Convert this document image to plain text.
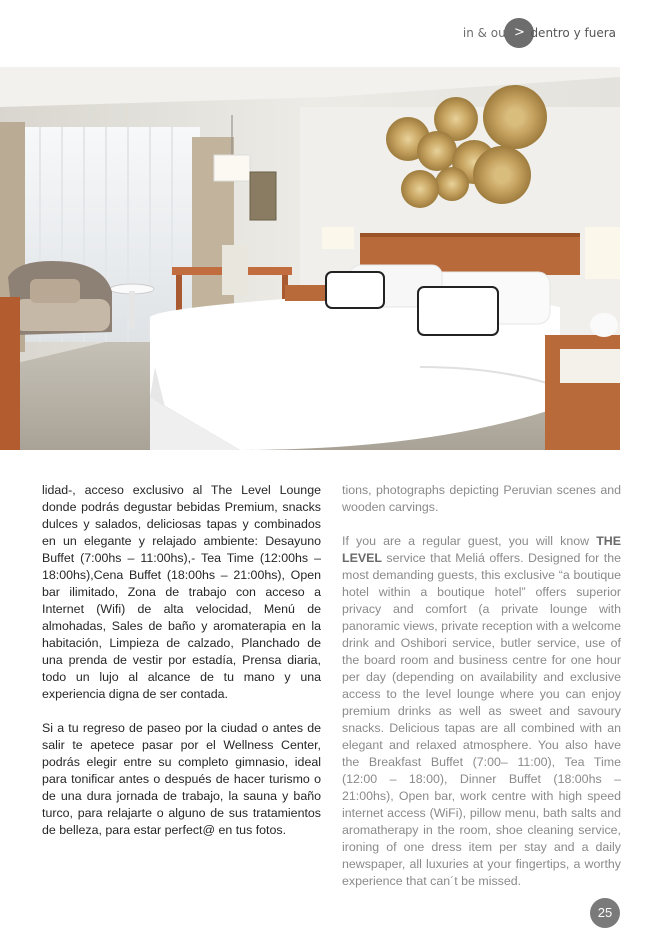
in & out > dentro y fuera

lidad-, acceso exclusivo al The Level Lounge donde podrás degustar bebidas Premium, snacks dulces y salados, deliciosas tapas y combinados en un elegante y relajado ambiente: Desayuno Buffet (7:00hs – 11:00hs),- Tea Time (12:00hs – 18:00hs),Cena Buffet (18:00hs – 21:00hs), Open bar ilimitado, Zona de trabajo con acceso a Internet (Wifi) de alta velocidad, Menú de almohadas, Sales de baño y aromaterapia en la habitación, Limpieza de calzado, Planchado de una prenda de vestir por estadía, Prensa diaria, todo un lujo al alcance de tu mano y una experiencia digna de ser contada.

Si a tu regreso de paseo por la ciudad o antes de salir te apetece pasar por el Wellness Center, podrás elegir entre su completo gimnasio, ideal para tonificar antes o después de hacer turismo o de una dura jornada de trabajo, la sauna y baño turco, para relajarte o alguno de sus tratamientos de belleza, para estar perfect@ en tus fotos.

tions, photographs depicting Peruvian scenes and wooden carvings.

If you are a regular guest, you will know THE LEVEL service that Meliá offers. Designed for the most demanding guests, this exclusive “a boutique hotel within a boutique hotel” offers superior privacy and comfort (a private lounge with panoramic views, private reception with a welcome drink and Oshibori service, butler service, use of the board room and business centre for one hour per day (depending on availability and exclusive access to the level lounge where you can enjoy premium drinks as well as sweet and savoury snacks. Delicious tapas are all combined with an elegant and relaxed atmosphere. You also have the Breakfast Buffet (7:00– 11:00), Tea Time (12:00 – 18:00), Dinner Buffet (18:00hs – 21:00hs), Open bar, work centre with high speed internet access (WiFi), pillow menu, bath salts and aromatherapy in the room, shoe cleaning service, ironing of one dress item per stay and a daily newspaper, all luxuries at your fingertips, a worthy experience that can´t be missed.

25
